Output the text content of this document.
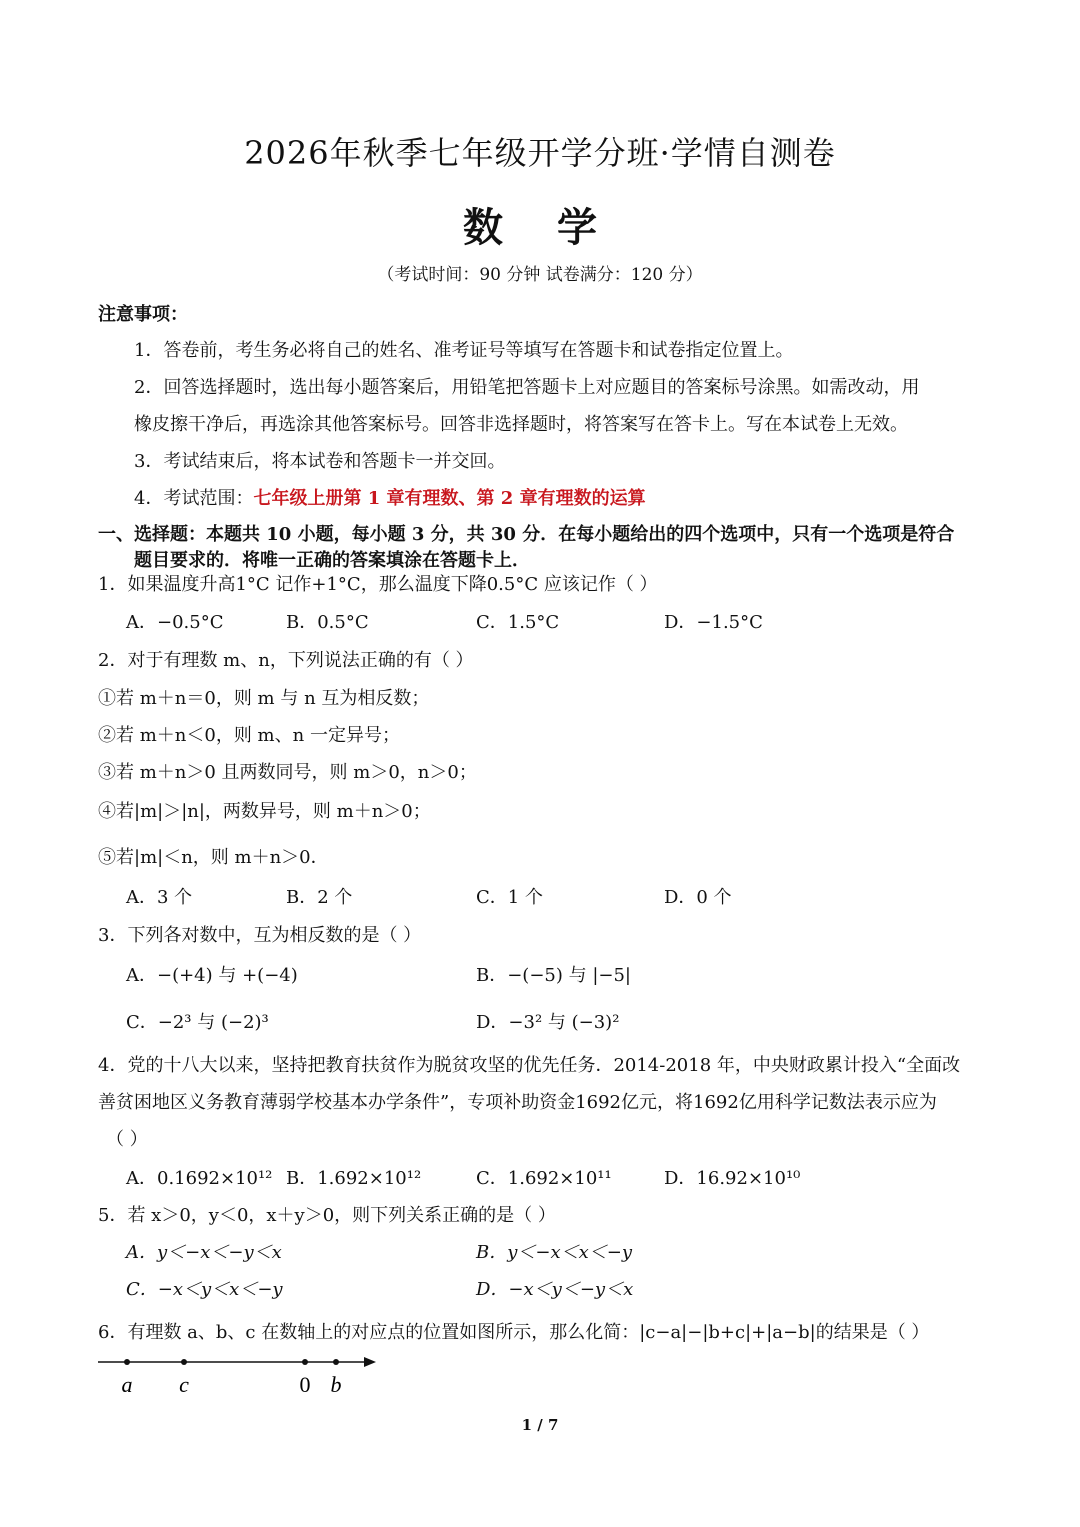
2026年秋季七年级开学分班·学情自测卷
数 学
（考试时间：90 分钟 试卷满分：120 分）
注意事项：
1．答卷前，考生务必将自己的姓名、准考证号等填写在答题卡和试卷指定位置上。
2．回答选择题时，选出每小题答案后，用铅笔把答题卡上对应题目的答案标号涂黑。如需改动，用
橡皮擦干净后，再选涂其他答案标号。回答非选择题时，将答案写在答卡上。写在本试卷上无效。
3．考试结束后，将本试卷和答题卡一并交回。
4．考试范围：七年级上册第 1 章有理数、第 2 章有理数的运算
一、选择题：本题共 10 小题，每小题 3 分，共 30 分．在每小题给出的四个选项中，只有一个选项是符合
题目要求的．将唯一正确的答案填涂在答题卡上．
1．如果温度升高1°C 记作+1°C，那么温度下降0.5°C 应该记作（ ）
A．−0.5°C	B．0.5°C	C．1.5°C	D．−1.5°C
2．对于有理数 m、n，下列说法正确的有（ ）
①若 m＋n＝0，则 m 与 n 互为相反数；
②若 m＋n＜0，则 m、n 一定异号；
③若 m＋n＞0 且两数同号，则 m＞0，n＞0；
④若|m|＞|n|，两数异号，则 m＋n＞0；
⑤若|m|＜n，则 m＋n＞0．
A．3 个	B．2 个	C．1 个	D．0 个
3．下列各对数中，互为相反数的是（ ）
A．−(+4) 与 +(−4)	B．−(−5) 与 |−5|
C．−2³ 与 (−2)³	D．−3² 与 (−3)²
4．党的十八大以来，坚持把教育扶贫作为脱贫攻坚的优先任务．2014-2018 年，中央财政累计投入“全面改
善贫困地区义务教育薄弱学校基本办学条件”，专项补助资金1692亿元，将1692亿用科学记数法表示应为
（ ）
A．0.1692×10¹² B．1.692×10¹²	C．1.692×10¹¹	D．16.92×10¹⁰
5．若 x＞0，y＜0，x＋y＞0，则下列关系正确的是（ ）
A．y＜−x＜−y＜x	B．y＜−x＜x＜−y
C．−x＜y＜x＜−y	D．−x＜y＜−y＜x
6．有理数 a、b、c 在数轴上的对应点的位置如图所示，那么化简：|c−a|−|b+c|+|a−b|的结果是（ ）
a c	0 b
1 / 7
